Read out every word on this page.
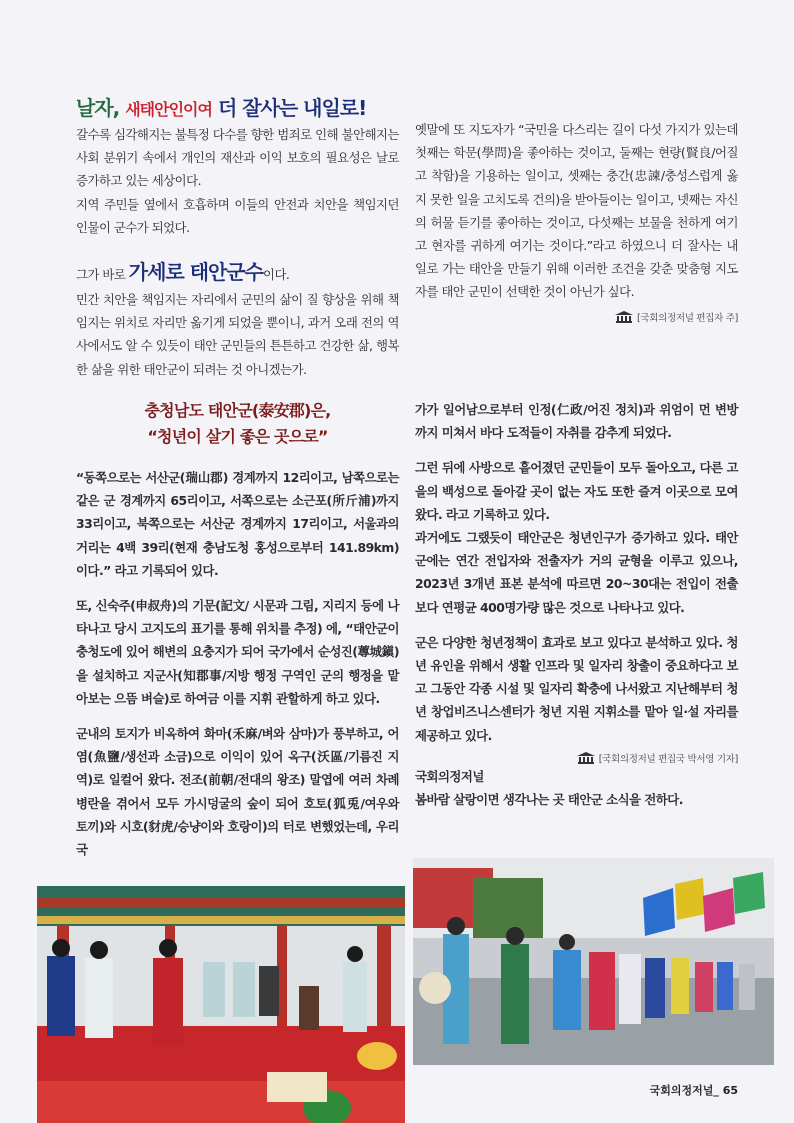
날자, 새태안인이여 더 잘사는 내일로!

갈수록 심각해지는 불특정 다수를 향한 범죄로 인해 불안해지는 사회 분위기 속에서 개인의 재산과 이익 보호의 필요성은 날로 증가하고 있는 세상이다.

지역 주민들 옆에서 호흡하며 이들의 안전과 치안을 책임지던 인물이 군수가 되었다.

그가 바로 가세로 태안군수이다.

민간 치안을 책임지는 자리에서 군민의 삶이 질 향상을 위해 책임지는 위치로 자리만 옮기게 되었을 뿐이니, 과거 오래 전의 역사에서도 알 수 있듯이 태안 군민들의 튼튼하고 건강한 삶, 행복한 삶을 위한 태안군이 되려는 것 아니겠는가.

옛말에 또 지도자가 “국민을 다스리는 길이 다섯 가지가 있는데 첫째는 학문(學問)을 좋아하는 것이고, 둘째는 현량(賢良/어질고 착함)을 기용하는 일이고, 셋째는 충간(忠諫/충성스럽게 옳지 못한 일을 고치도록 건의)을 받아들이는 일이고, 넷째는 자신의 허물 듣기를 좋아하는 것이고, 다섯째는 보물을 천하게 여기고 현자를 귀하게 여기는 것이다.”라고 하였으니 더 잘사는 내일로 가는 태안을 만들기 위해 이러한 조건을 갖춘 맞춤형 지도자를 태안 군민이 선택한 것이 아닌가 싶다.

[국회의정저널 편집자 주]

충청남도 태안군(泰安郡)은,

“청년이 살기 좋은 곳으로”

“동쪽으로는 서산군(瑞山郡) 경계까지 12리이고, 남쪽으로는 같은 군 경계까지 65리이고, 서쪽으로는 소근포(所斤浦)까지 33리이고, 북쪽으로는 서산군 경계까지 17리이고, 서울과의 거리는 4백 39리(현재 충남도청 홍성으로부터 141.89km)이다.” 라고 기록되어 있다.

또, 신숙주(申叔舟)의 기문(記文/ 시문과 그림, 지리지 등에 나타나고 당시 고지도의 표기를 통해 위치를 추정) 에, “태안군이 충청도에 있어 해변의 요충지가 되어 국가에서 순성진(蓴城鎭)을 설치하고 지군사(知郡事/지방 행정 구역인 군의 행정을 맡아보는 으뜸 벼슬)로 하여금 이를 지휘 관할하게 하고 있다.

군내의 토지가 비옥하여 화마(禾麻/벼와 삼마)가 풍부하고, 어염(魚鹽/생선과 소금)으로 이익이 있어 옥구(沃區/기름진 지역)로 일컬어 왔다. 전조(前朝/전대의 왕조) 말엽에 여러 차례 병란을 겪어서 모두 가시덩굴의 숲이 되어 호토(狐兎/여우와 토끼)와 시호(豺虎/승냥이와 호랑이)의 터로 변했었는데, 우리 국

가가 일어남으로부터 인정(仁政/어진 정치)과 위엄이 먼 변방까지 미쳐서 바다 도적들이 자취를 감추게 되었다.

그런 뒤에 사방으로 흩어졌던 군민들이 모두 돌아오고, 다른 고을의 백성으로 돌아갈 곳이 없는 자도 또한 즐겨 이곳으로 모여왔다. 라고 기록하고 있다.

과거에도 그랬듯이 태안군은 청년인구가 증가하고 있다. 태안군에는 연간 전입자와 전출자가 거의 균형을 이루고 있으나, 2023년 3개년 표본 분석에 따르면 20~30대는 전입이 전출보다 연평균 400명가량 많은 것으로 나타나고 있다.

군은 다양한 청년정책이 효과로 보고 있다고 분석하고 있다. 청년 유인을 위해서 생활 인프라 및 일자리 창출이 중요하다고 보고 그동안 각종 시설 및 일자리 확충에 나서왔고 지난해부터 청년 창업비즈니스센터가 청년 지원 지휘소를 맡아 일·설 자리를 제공하고 있다.

[국회의정저널 편집국 박서영 기자]

국회의정저널

봄바람 살랑이면 생각나는 곳 태안군 소식을 전하다.

국회의정저널_ 65
